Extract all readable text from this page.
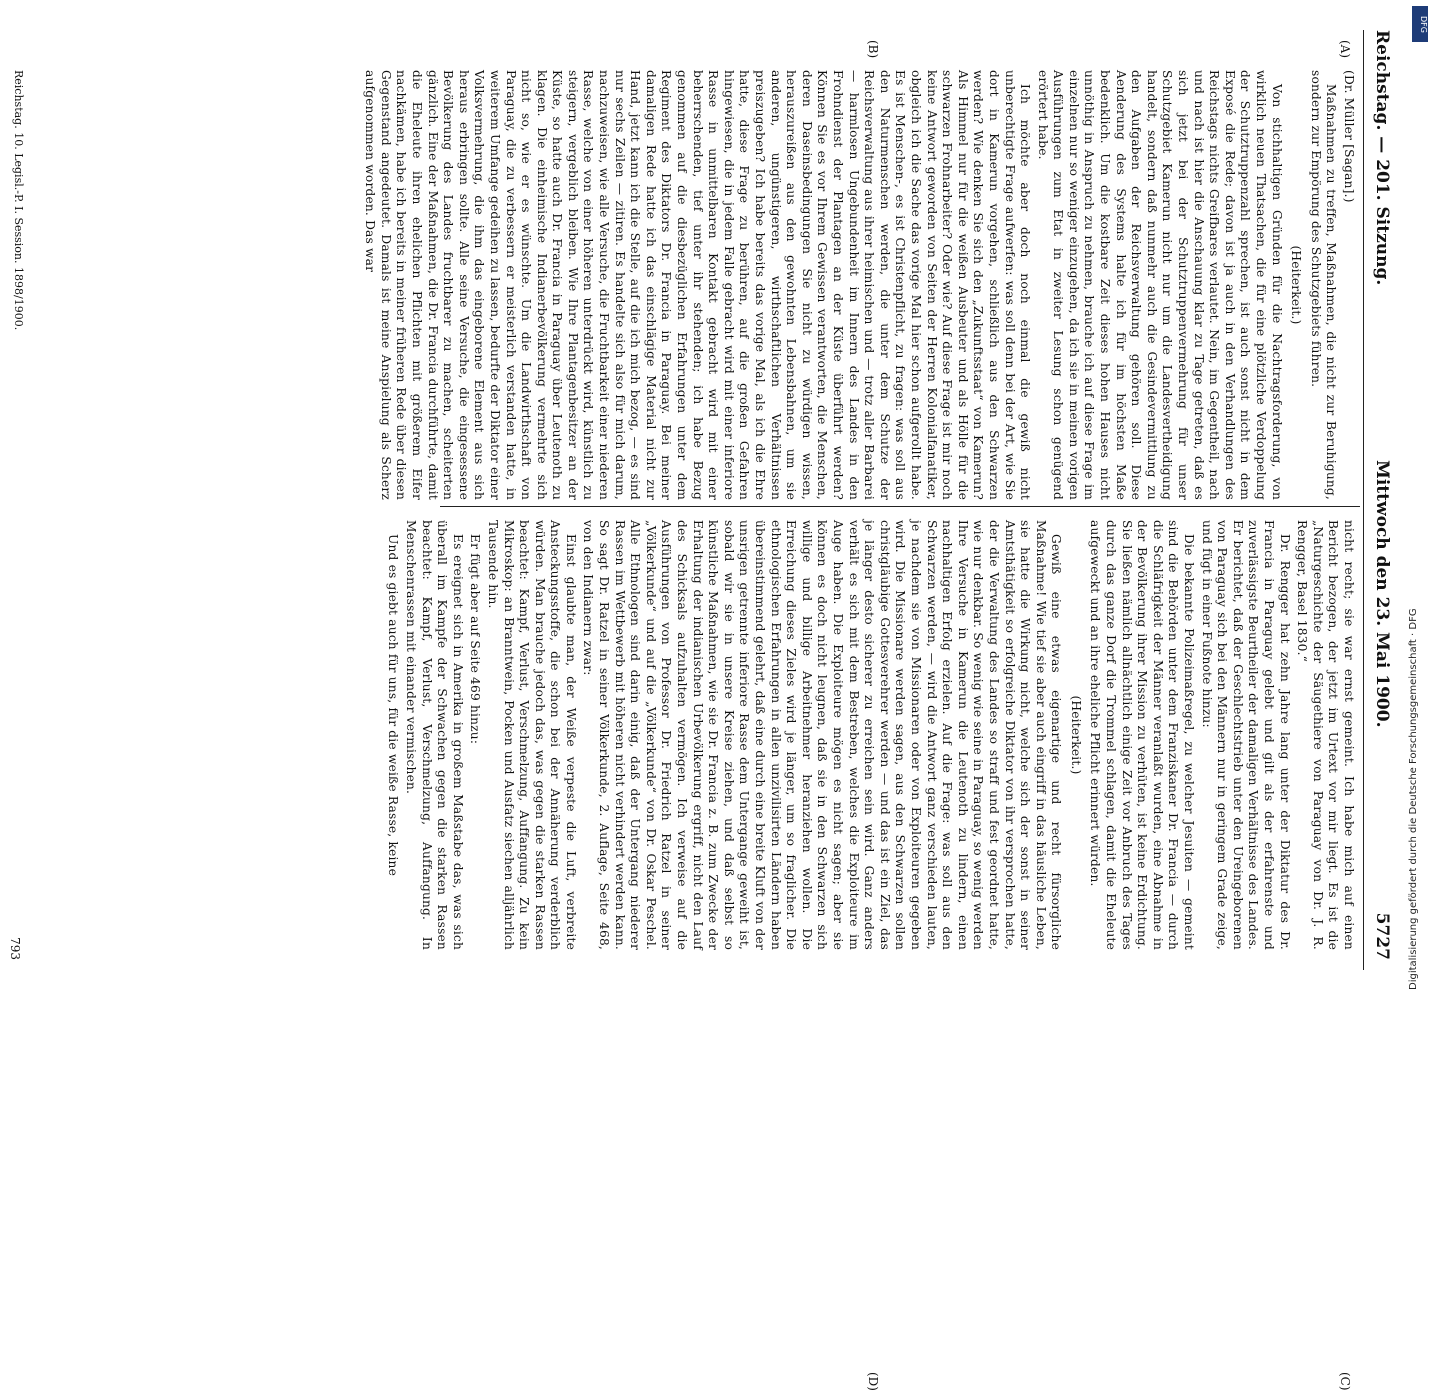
Reichstag. — 201. Sitzung.
Mittwoch den 23. Mai 1900.
5727

(Dr. Müller [Sagan].)

Maßnahmen zu treffen, Maßnahmen, die nicht zur Beruhigung, sondern zur Empörung des Schutzgebiets führen.

(Heiterkeit.)

Von stichhaltigen Gründen für die Nachtragsforderung, von wirklich neuen Thatsachen, die für eine plötzliche Verdoppelung der Schutztruppenzahl sprechen, ist auch sonst nicht in dem Exposé die Rede; davon ist ja auch in den Verhandlungen des Reichstags nichts Greifbares verlautet. Nein, im Gegentheil, nach und nach ist hier die Anschauung klar zu Tage getreten, daß es sich jetzt bei der Schutztruppenvermehrung für unser Schutzgebiet Kamerun nicht nur um die Landesvertheidigung handelt, sondern daß nunmehr auch die Gesindevermittlung zu den Aufgaben der Reichsverwaltung gehören soll. Diese Aenderung des Systems halte ich für im höchsten Maße bedenklich. Um die kostbare Zeit dieses hohen Hauses nicht unnöthig in Anspruch zu nehmen, brauche ich auf diese Frage im einzelnen nur so weniger einzugehen, da ich sie in meinen vorigen Ausführungen zum Etat in zweiter Lesung schon genügend erörtert habe.

Ich möchte aber doch noch einmal die gewiß nicht unberechtigte Frage aufwerfen: was soll denn bei der Art, wie Sie dort in Kamerun vorgehen, schließlich aus den Schwarzen werden? Wie denken Sie sich den „Zukunftsstaat“ von Kamerun? Als Himmel nur für die weißen Ausbeuter und als Hölle für die schwarzen Frohnarbeiter? Oder wie? Auf diese Frage ist mir noch keine Antwort geworden von Seiten der Herren Kolonialfanatiker, obgleich ich die Sache das vorige Mal hier schon aufgerollt habe. Es ist Menschen-, es ist Christenpflicht, zu fragen: was soll aus den Naturmenschen werden, die unter dem Schutze der Reichsverwaltung aus ihrer heimischen und — trotz aller Barbarei — harmlosen Ungebundenheit im Innern des Landes in den Frohndienst der Plantagen an der Küste überführt werden? Können Sie es vor Ihrem Gewissen verantworten, die Menschen, deren Daseinsbedingungen Sie nicht zu würdigen wissen, herauszureißen aus den gewohnten Lebensbahnen, um sie anderen, ungünstigeren, wirthschaftlichen Verhältnissen preiszugeben? Ich habe bereits das vorige Mal, als ich die Ehre hatte, diese Frage zu berühren, auf die großen Gefahren hingewiesen, die in jedem Falle gebracht wird mit einer inferiore Rasse in unmittelbaren Kontakt gebracht wird mit einer beherrschenden, tief unter ihr stehenden; ich habe Bezug genommen auf die diesbezüglichen Erfahrungen unter dem Regiment des Diktators Dr. Francia in Paraguay. Bei meiner damaligen Rede hatte ich das einschlägige Material nicht zur Hand, jetzt kann ich die Stelle, auf die ich mich bezog, — es sind nur sechs Zeilen — zitiren. Es handelte sich also für mich darum, nachzuweisen, wie alle Versuche, die Fruchtbarkeit einer niederen Rasse, welche von einer höheren unterdrückt wird, künstlich zu steigern, vergeblich bleiben. Wie Ihre Plantagenbesitzer an der Küste, so hatte auch Dr. Francia in Paraguay über Leutenoth zu klagen. Die einheimische Indianerbevölkerung vermehrte sich nicht so, wie er es wünschte. Um die Landwirthschaft von Paraguay, die zu verbessern er meisterlich verstanden hatte, in weiterem Umfange gedeihen zu lassen, bedurfte der Diktator einer Volksvermehrung, die ihm das eingeborene Element aus sich heraus erbringen sollte. Alle seine Versuche, die eingesessene Bevölkerung des Landes fruchtbarer zu machen, scheiterten gänzlich. Eine der Maßnahmen, die Dr. Francia durchführte, damit die Eheleute ihren ehelichen Pflichten mit größerem Eifer nachkämen, habe ich bereits in meiner früheren Rede über diesen Gegenstand angedeutet. Damals ist meine Anspielung als Scherz aufgenommen worden. Das war

nicht recht; sie war ernst gemeint. Ich habe mich auf einen Bericht bezogen, der jetzt im Urtext vor mir liegt. Es ist die „Naturgeschichte der Säugethiere von Paraguay von Dr. J. R. Rengger, Basel 1830.“

Dr. Rengger hat zehn Jahre lang unter der Diktatur des Dr. Francia in Paraguay gelebt und gilt als der erfahrenste und zuverlässigste Beurtheiler der damaligen Verhältnisse des Landes. Er berichtet, daß der Geschlechtstrieb unter den Ureingeborenen von Paraguay sich bei den Männern nur in geringem Grade zeige, und fügt in einer Fußnote hinzu:

Die bekannte Polizeimaßregel, zu welcher Jesuiten — gemeint sind die Behörden unter dem Franziskaner Dr. Francia — durch die Schläfrigkeit der Männer veranlaßt wurden, eine Abnahme in der Bevölkerung ihrer Mission zu verhüten, ist keine Erdichtung. Sie ließen nämlich allnächtlich einige Zeit vor Anbruch des Tages durch das ganze Dorf die Trommel schlagen, damit die Eheleute aufgeweckt und an ihre eheliche Pflicht erinnert würden.

(Heiterkeit.)

Gewiß eine etwas eigenartige und recht fürsorgliche Maßnahme! Wie tief sie aber auch eingriff in das häusliche Leben, sie hatte die Wirkung nicht, welche sich der sonst in seiner Amtsthätigkeit so erfolgreiche Diktator von ihr versprochen hatte, der die Verwaltung des Landes so straff und fest geordnet hatte, wie nur denkbar. So wenig wie seine in Paraguay, so wenig werden Ihre Versuche in Kamerun die Leutenoth zu lindern, einen nachhaltigen Erfolg erzielen. Auf die Frage: was soll aus den Schwarzen werden, — wird die Antwort ganz verschieden lauten, je nachdem sie von Missionaren oder von Exploiteuren gegeben wird. Die Missionare werden sagen, aus den Schwarzen sollen christgläubige Gottesverehrer werden — und das ist ein Ziel, das je länger desto sicherer zu erreichen sein wird. Ganz anders verhält es sich mit dem Bestreben, welches die Exploiteure im Auge haben. Die Exploiteure mögen es nicht sagen; aber sie können es doch nicht leugnen, daß sie in den Schwarzen sich willige und billige Arbeitnehmer heranziehen wollen. Die Erreichung dieses Zieles wird je länger, um so fraglicher. Die ethnologischen Erfahrungen in allen unzivilisirten Ländern haben übereinstimmend gelehrt, daß eine durch eine breite Kluft von der unsrigen getrennte inferiore Rasse dem Untergange geweiht ist, sobald wir sie in unsere Kreise ziehen, und daß selbst so künstliche Maßnahmen, wie sie Dr. Francia z. B. zum Zwecke der Erhaltung der indianischen Urbevölkerung ergriff, nicht den Lauf des Schicksals aufzuhalten vermögen. Ich verweise auf die Ausführungen von Professor Dr. Friedrich Ratzel in seiner „Völkerkunde“ und auf die „Völkerkunde“ von Dr. Oskar Peschel. Alle Ethnologen sind darin einig, daß der Untergang niederer Rassen im Wettbewerb mit höheren nicht verhindert werden kann. So sagt Dr. Ratzel in seiner Völkerkunde, 2. Auflage, Seite 468, von den Indianern zwar:

Einst glaubte man, der Weiße verpeste die Luft, verbreite Ansteckungsstoffe, die schon bei der Annäherung verderblich würden. Man brauche jedoch das, was gegen die starken Rassen beachtet: Kampf, Verlust, Verschmelzung, Auffangung. Zu kein Mikroskop: an Branntwein, Pocken und Ausfatz siechen alljährlich Tausende hin.

Er fügt aber auf Seite 469 hinzu:

Es ereignet sich in Amerika in großem Maßstabe das, was sich überall im Kampfe der Schwachen gegen die starken Rassen beachtet: Kampf, Verlust, Verschmelzung, Auffangung. In Menschenrassen mit einander vermischen.

Und es giebt auch für uns, für die weiße Rasse, keine

(A)
(B)
(C)
(D)
Reichstag. 10. Legisl.-P. I. Session. 1898/1900.
793	Digitalisierung gefördert durch die Deutsche Forschungsgemeinschaft · DFG
DFG
